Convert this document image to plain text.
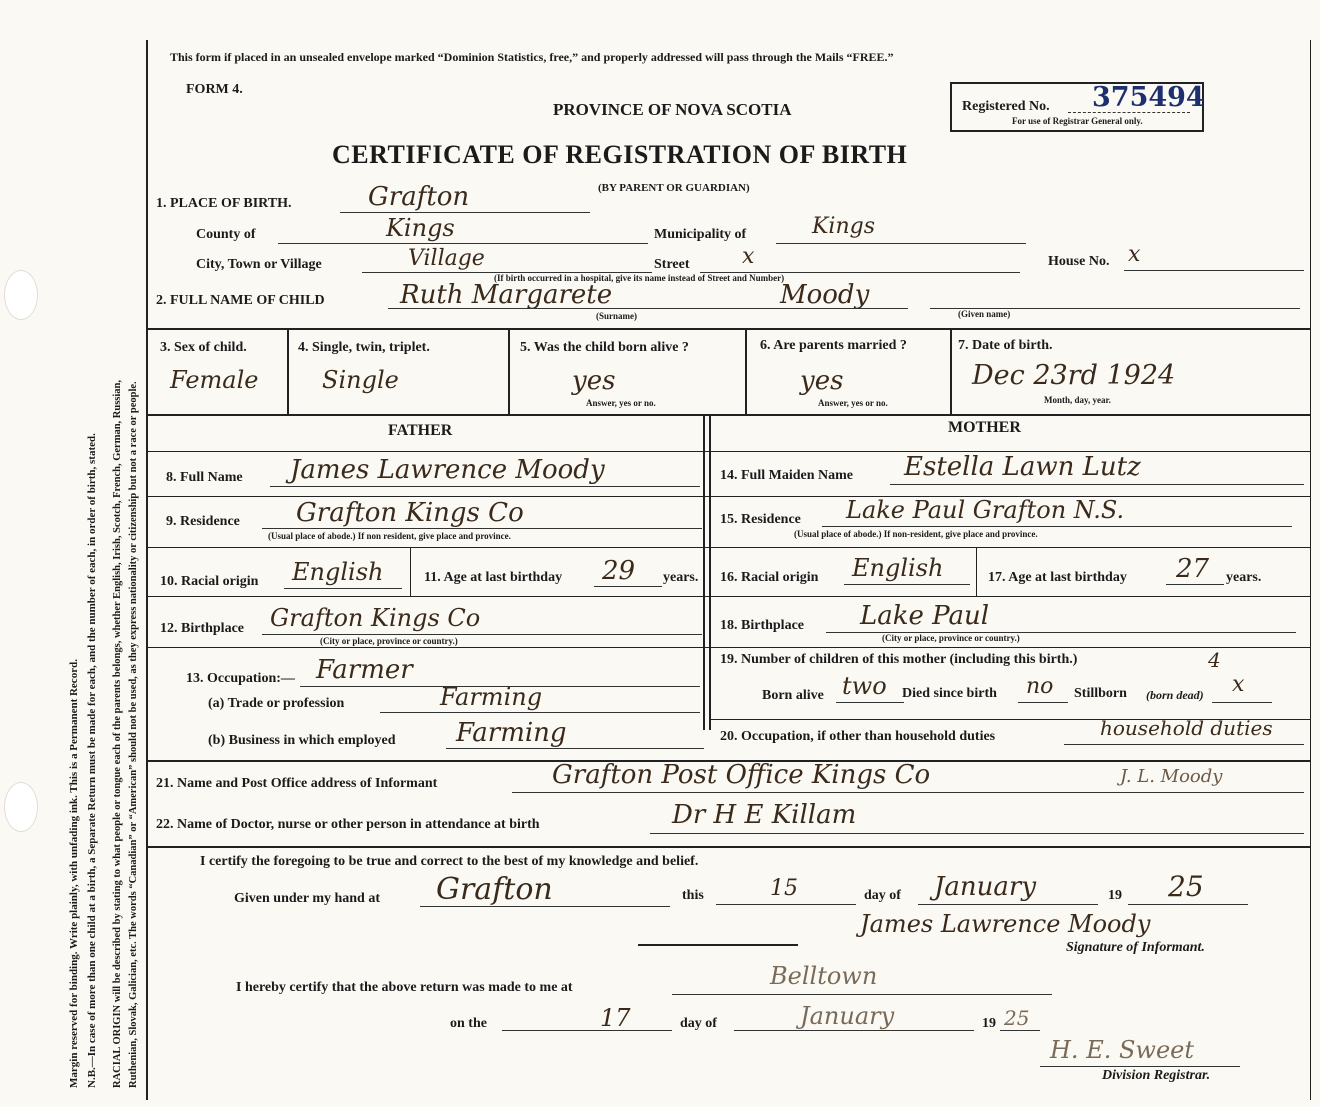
Margin reserved for binding. Write plainly, with unfading ink. This is a Permanent Record. N.B.—In case of more than one child at a birth, a Separate Return must be made for each, and the number of each, in order of birth, stated. RACIAL ORIGIN will be described by stating to what people or tongue each of the parents belongs, whether English, Irish, Scotch, French, German, Russian, Ruthenian, Slovak, Galician, etc. The words “Canadian” or “American” should not be used, as they express nationality or citizenship but not a race or people.
This form if placed in an unsealed envelope marked “Dominion Statistics, free,” and properly addressed will pass through the Mails “FREE.”
FORM 4.
PROVINCE OF NOVA SCOTIA	Registered No. 375494
For use of Registrar General only.
CERTIFICATE OF REGISTRATION OF BIRTH
(BY PARENT OR GUARDIAN)
1. PLACE OF BIRTH.	Grafton
County of	Kings	Municipality of	Kings
City, Town or Village	Village	Street x
(If birth occurred in a hospital, give its name instead of Street and Number)
House No. x
2. FULL NAME OF CHILD	Ruth Margarete	Moody
(Surname)	(Given name)
3. Sex of child.
Female
4. Single, twin, triplet.
Single
5. Was the child born alive ?
yes
Answer, yes or no.
6. Are parents married ?
yes
Answer, yes or no.
7. Date of birth.
Dec 23rd 1924
Month, day, year.
FATHER	MOTHER
8. Full Name James Lawrence Moody
9. Residence Grafton Kings Co
(Usual place of abode.) If non resident, give place and province.
10. Racial origin English	11. Age at last birthday 29 years.
12. Birthplace Grafton Kings Co
(City or place, province or country.)
13. Occupation:— Farmer
(a) Trade or profession	Farming
(b) Business in which employed Farming
14. Full Maiden Name Estella Lawn Lutz
15. Residence Lake Paul Grafton N.S.
(Usual place of abode.) If non-resident, give place and province.
16. Racial origin English	17. Age at last birthday 27 years.
18. Birthplace Lake Paul
(City or place, province or country.)
19. Number of children of this mother (including this birth.)	4
Born alive two Died since birth no Stillborn (born dead) x
20. Occupation, if other than household duties	household duties
21. Name and Post Office address of Informant	Grafton Post Office Kings Co	J. L. Moody
22. Name of Doctor, nurse or other person in attendance at birth	Dr H E Killam
I certify the foregoing to be true and correct to the best of my knowledge and belief.
Given under my hand at Grafton	this	15	day of January	19 25
James Lawrence Moody
Signature of Informant.
I hereby certify that the above return was made to me at	Belltown
on the	17	day of	January	19 25
H. E. Sweet
Division Registrar.
